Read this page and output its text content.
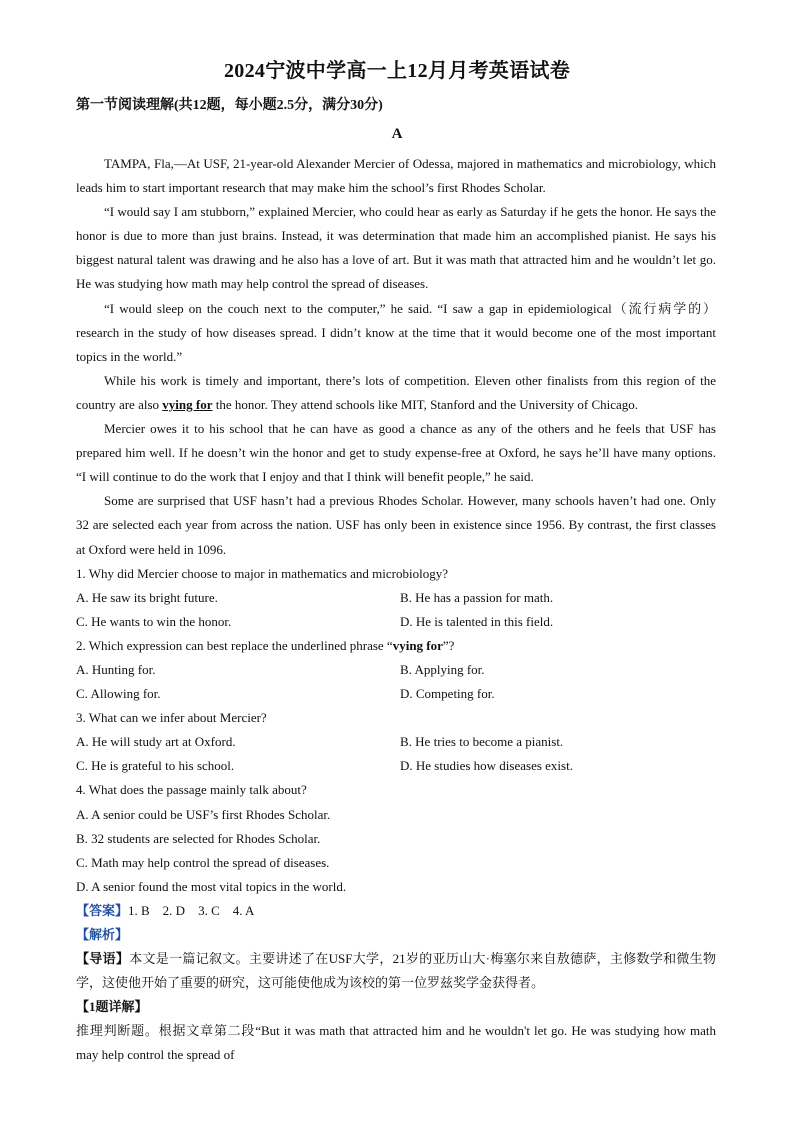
2024宁波中学高一上12月月考英语试卷
第一节阅读理解(共12题，每小题2.5分，满分30分)
A

TAMPA, Fla,—At USF, 21-year-old Alexander Mercier of Odessa, majored in mathematics and microbiology, which leads him to start important research that may make him the school’s first Rhodes Scholar.

“I would say I am stubborn,” explained Mercier, who could hear as early as Saturday if he gets the honor. He says the honor is due to more than just brains. Instead, it was determination that made him an accomplished pianist. He says his biggest natural talent was drawing and he also has a love of art. But it was math that attracted him and he wouldn’t let go. He was studying how math may help control the spread of diseases.

“I would sleep on the couch next to the computer,” he said. “I saw a gap in epidemiological（流行病学的） research in the study of how diseases spread. I didn’t know at the time that it would become one of the most important topics in the world.”

While his work is timely and important, there’s lots of competition. Eleven other finalists from this region of the country are also vying for the honor. They attend schools like MIT, Stanford and the University of Chicago.

Mercier owes it to his school that he can have as good a chance as any of the others and he feels that USF has prepared him well. If he doesn’t win the honor and get to study expense-free at Oxford, he says he’ll have many options. “I will continue to do the work that I enjoy and that I think will benefit people,” he said.

Some are surprised that USF hasn’t had a previous Rhodes Scholar. However, many schools haven’t had one. Only 32 are selected each year from across the nation. USF has only been in existence since 1956. By contrast, the first classes at Oxford were held in 1096.

1. Why did Mercier choose to major in mathematics and microbiology?

A. He saw its bright future.	B. He has a passion for math.
C. He wants to win the honor.	D. He is talented in this field.

2. Which expression can best replace the underlined phrase “vying for”?

A. Hunting for.	B. Applying for.
C. Allowing for.	D. Competing for.

3. What can we infer about Mercier?

A. He will study art at Oxford.	B. He tries to become a pianist.
C. He is grateful to his school.	D. He studies how diseases exist.

4. What does the passage mainly talk about?

A. A senior could be USF’s first Rhodes Scholar.

B. 32 students are selected for Rhodes Scholar.

C. Math may help control the spread of diseases.

D. A senior found the most vital topics in the world.

【答案】1. B    2. D    3. C    4. A

【解析】

【导语】本文是一篇记叙文。主要讲述了在USF大学，21岁的亚历山大·梅塞尔来自敖德萨，主修数学和微生物学，这使他开始了重要的研究，这可能使他成为该校的第一位罗兹奖学金获得者。

【1题详解】

推理判断题。根据文章第二段“But it was math that attracted him and he wouldn't let go. He was studying how math may help control the spread of
